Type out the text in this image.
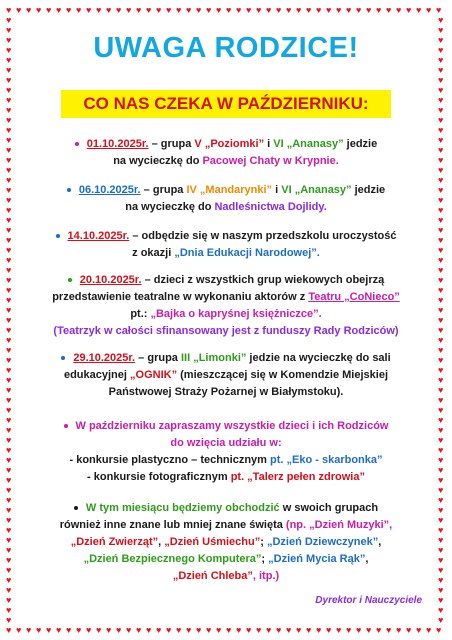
♥
♥
♥
♥
♥
♥
♥
♥
♥
♥
♥
♥
♥
♥
♥
♥
♥
♥
♥
♥
♥
♥
♥
♥
♥
♥
♥
♥
♥
♥
♥
♥
♥
♥
♥
♥
♥
♥
♥
♥
♥
♥
♥
♥
♥
♥
♥
♥
♥
♥
♥
♥
♥
♥
♥
♥
♥
♥
♥
♥
♥
♥
♥
♥
♥
♥
♥
♥
♥
♥
♥
♥
♥
♥
♥
♥
♥
♥
♥
♥
♥
♥
♥
♥
♥
♥
♥
♥
♥	♥
♥	♥
♥	♥
♥	♥
♥	♥
♥	♥
♥	♥
♥	♥
♥	♥
♥	♥
♥	♥
♥	♥
♥	♥
♥	♥
♥	♥
♥	♥
♥	♥
♥	♥
♥	♥
♥	♥
♥	♥
♥	♥
♥	♥
♥	♥
♥	♥
♥	♥
♥	♥
♥	♥
♥	♥
♥	♥
♥	♥
♥	♥
♥	♥
♥	♥
♥	♥
♥	♥
♥	♥
♥	♥
♥	♥
♥	♥
♥	♥
♥	♥
♥	♥
♥	♥
♥	♥
♥	♥
♥	♥
♥	♥
♥	♥
♥	♥
♥	♥
♥	♥
♥	♥
♥	♥
♥	♥
♥	♥
♥	♥
♥	♥
♥	♥
♥	♥
♥	♥
UWAGA RODZICE!
CO NAS CZEKA W PAŹDZIERNIKU:
01.10.2025r. – grupa V „Poziomki” i VI „Ananasy” jedzie
na wycieczkę do Pacowej Chaty w Krypnie.
06.10.2025r. – grupa IV „Mandarynki” i VI „Ananasy” jedzie
na wycieczkę do Nadleśnictwa Dojlidy.
14.10.2025r. – odbędzie się w naszym przedszkolu uroczystość
z okazji „Dnia Edukacji Narodowej”.
20.10.2025r. – dzieci z wszystkich grup wiekowych obejrzą
przedstawienie teatralne w wykonaniu aktorów z Teatru „CoNieco”
pt.: „Bajka o kapryśnej księżniczce”.
(Teatrzyk w całości sfinansowany jest z funduszy Rady Rodziców)
29.10.2025r. – grupa III „Limonki” jedzie na wycieczkę do sali
edukacyjnej „OGNIK” (mieszczącej się w Komendzie Miejskiej
Państwowej Straży Pożarnej w Białymstoku).
W październiku zapraszamy wszystkie dzieci i ich Rodziców
do wzięcia udziału w:
- konkursie plastyczno – technicznym pt. „Eko - skarbonka”
- konkursie fotograficznym pt. „Talerz pełen zdrowia”
W tym miesiącu będziemy obchodzić w swoich grupach
również inne znane lub mniej znane święta (np. „Dzień Muzyki”,
„Dzień Zwierząt”, „Dzień Uśmiechu”; „Dzień Dziewczynek”,
„Dzień Bezpiecznego Komputera”; „Dzień Mycia Rąk”,
„Dzień Chleba”, itp.)
Dyrektor i Nauczyciele
